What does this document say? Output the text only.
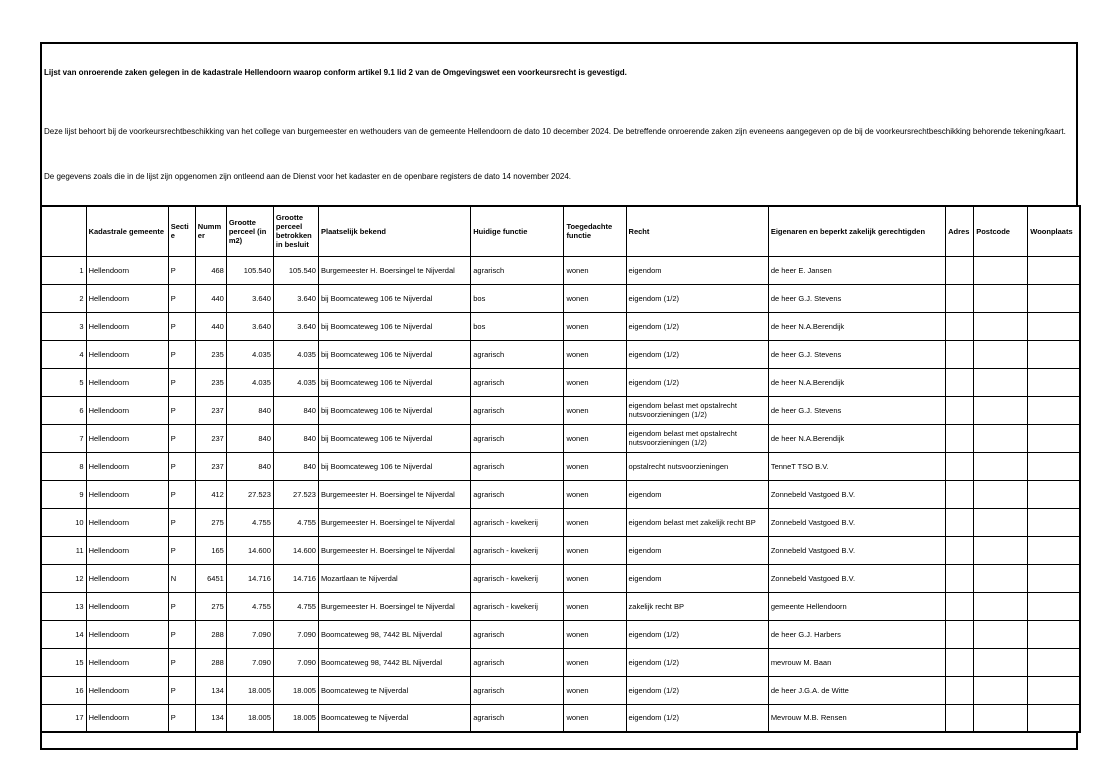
Lijst van onroerende zaken gelegen in de kadastrale Hellendoorn waarop conform artikel 9.1 lid 2 van de Omgevingswet een voorkeursrecht is gevestigd.

Deze lijst behoort bij de voorkeursrechtbeschikking van het college van burgemeester en wethouders van de gemeente Hellendoorn de dato 10 december 2024. De betreffende onroerende zaken zijn eveneens aangegeven op de bij de voorkeursrechtbeschikking behorende tekening/kaart.

De gegevens zoals die in de lijst zijn opgenomen zijn ontleend aan de Dienst voor het kadaster en de openbare registers de dato 14 november 2024.

	Kadastrale gemeente	Sectie	Nummer	Grootte perceel (in m2)	Grootte perceel betrokken in besluit	Plaatselijk bekend	Huidige functie	Toegedachte functie	Recht	Eigenaren en beperkt zakelijk gerechtigden	Adres	Postcode	Woonplaats
1	Hellendoorn	P	468	105.540	105.540	Burgemeester H. Boersingel te Nijverdal	agrarisch	wonen	eigendom	de heer E. Jansen			
2	Hellendoorn	P	440	3.640	3.640	bij Boomcateweg 106 te Nijverdal	bos	wonen	eigendom (1/2)	de heer G.J. Stevens			
3	Hellendoorn	P	440	3.640	3.640	bij Boomcateweg 106 te Nijverdal	bos	wonen	eigendom (1/2)	de heer N.A.Berendijk			
4	Hellendoorn	P	235	4.035	4.035	bij Boomcateweg 106 te Nijverdal	agrarisch	wonen	eigendom (1/2)	de heer G.J. Stevens			
5	Hellendoorn	P	235	4.035	4.035	bij Boomcateweg 106 te Nijverdal	agrarisch	wonen	eigendom (1/2)	de heer N.A.Berendijk			
6	Hellendoorn	P	237	840	840	bij Boomcateweg 106 te Nijverdal	agrarisch	wonen	eigendom belast met opstalrecht nutsvoorzieningen (1/2)	de heer G.J. Stevens			
7	Hellendoorn	P	237	840	840	bij Boomcateweg 106 te Nijverdal	agrarisch	wonen	eigendom belast met opstalrecht nutsvoorzieningen (1/2)	de heer N.A.Berendijk			
8	Hellendoorn	P	237	840	840	bij Boomcateweg 106 te Nijverdal	agrarisch	wonen	opstalrecht nutsvoorzieningen	TenneT TSO B.V.			
9	Hellendoorn	P	412	27.523	27.523	Burgemeester H. Boersingel te Nijverdal	agrarisch	wonen	eigendom	Zonnebeld Vastgoed B.V.			
10	Hellendoorn	P	275	4.755	4.755	Burgemeester H. Boersingel te Nijverdal	agrarisch - kwekerij	wonen	eigendom belast met zakelijk recht BP	Zonnebeld Vastgoed B.V.			
11	Hellendoorn	P	165	14.600	14.600	Burgemeester H. Boersingel te Nijverdal	agrarisch - kwekerij	wonen	eigendom	Zonnebeld Vastgoed B.V.			
12	Hellendoorn	N	6451	14.716	14.716	Mozartlaan te Nijverdal	agrarisch - kwekerij	wonen	eigendom	Zonnebeld Vastgoed B.V.			
13	Hellendoorn	P	275	4.755	4.755	Burgemeester H. Boersingel te Nijverdal	agrarisch - kwekerij	wonen	zakelijk recht BP	gemeente Hellendoorn			
14	Hellendoorn	P	288	7.090	7.090	Boomcateweg 98, 7442 BL Nijverdal	agrarisch	wonen	eigendom (1/2)	de heer G.J. Harbers			
15	Hellendoorn	P	288	7.090	7.090	Boomcateweg 98, 7442 BL Nijverdal	agrarisch	wonen	eigendom (1/2)	mevrouw M. Baan			
16	Hellendoorn	P	134	18.005	18.005	Boomcateweg te Nijverdal	agrarisch	wonen	eigendom (1/2)	de heer J.G.A. de Witte			
17	Hellendoorn	P	134	18.005	18.005	Boomcateweg te Nijverdal	agrarisch	wonen	eigendom (1/2)	Mevrouw M.B. Rensen			
